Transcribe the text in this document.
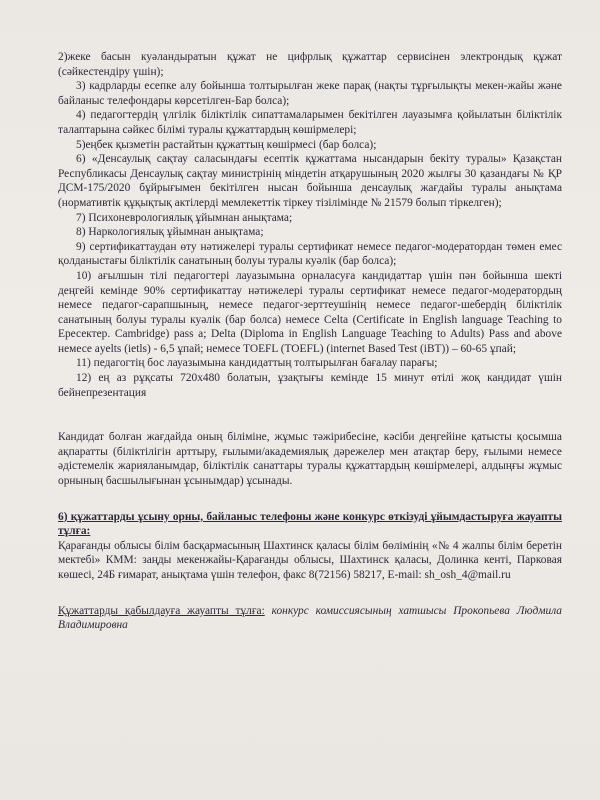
2)жеке басын куәландыратын құжат не цифрлық құжаттар сервисінен электрондық құжат (сәйкестендіру үшін);

3) кадрларды есепке алу бойынша толтырылған жеке парақ (нақты тұрғылықты мекен-жайы және байланыс телефондары көрсетілген-Бар болса);

4) педагогтердің үлгілік біліктілік сипаттамаларымен бекітілген лауазымға қойылатын біліктілік талаптарына сәйкес білімі туралы құжаттардың көшірмелері;

5)еңбек қызметін растайтын құжаттың көшірмесі (бар болса);

6) «Денсаулық сақтау саласындағы есептік құжаттама нысандарын бекіту туралы» Қазақстан Республикасы Денсаулық сақтау министрінің міндетін атқарушының 2020 жылғы 30 қазандағы № ҚР ДСМ-175/2020 бұйрығымен бекітілген нысан бойынша денсаулық жағдайы туралы анықтама (нормативтік құқықтық актілерді мемлекеттік тіркеу тізілімінде № 21579 болып тіркелген);

7) Психоневрологиялық ұйымнан анықтама;

8) Наркологиялық ұйымнан анықтама;

9) сертификаттаудан өту нәтижелері туралы сертификат немесе педагог-модератордан төмен емес қолданыстағы біліктілік санатының болуы туралы куәлік (бар болса);

10) ағылшын тілі педагогтері лауазымына орналасуға кандидаттар үшін пән бойынша шекті деңгейі кемінде 90% сертификаттау нәтижелері туралы сертификат немесе педагог-модератордың немесе педагог-сарапшының, немесе педагог-зерттеушінің немесе педагог-шебердің біліктілік санатының болуы туралы куәлік (бар болса) немесе Celta (Certificate in English language Teaching to Ересектер. Cambridge) pass а; Delta (Diploma in English Language Teaching to Adults) Pass and above немесе ayelts (ietls) - 6,5 ұпай; немесе TOEFL (TOEFL) (internet Based Test (iBT)) – 60-65 ұпай;

11) педагогтің бос лауазымына кандидаттың толтырылған бағалау парағы;

12) ең аз рұқсаты 720х480 болатын, ұзақтығы кемінде 15 минут өтілі жоқ кандидат үшін бейнепрезентация

Кандидат болған жағдайда оның біліміне, жұмыс тәжірибесіне, кәсіби деңгейіне қатысты қосымша ақпаратты (біліктілігін арттыру, ғылыми/академиялық дәрежелер мен атақтар беру, ғылыми немесе әдістемелік жарияланымдар, біліктілік санаттары туралы құжаттардың көшірмелері, алдыңғы жұмыс орнының басшылығынан ұсынымдар) ұсынады.

6) құжаттарды ұсыну орны, байланыс телефоны және конкурс өткізуді ұйымдастыруға жауапты тұлға:

Қарағанды облысы білім басқармасының Шахтинск қаласы білім бөлімінің «№ 4 жалпы білім беретін мектебі» КММ: заңды мекенжайы-Қарағанды облысы, Шахтинск қаласы, Долинка кенті, Парковая көшесі, 24Б ғимарат, анықтама үшін телефон, факс 8(72156) 58217, E-mail: sh_osh_4@mail.ru

Құжаттарды қабылдауға жауапты тұлға: конкурс комиссиясының хатшысы Прокопьева Людмила Владимировна
